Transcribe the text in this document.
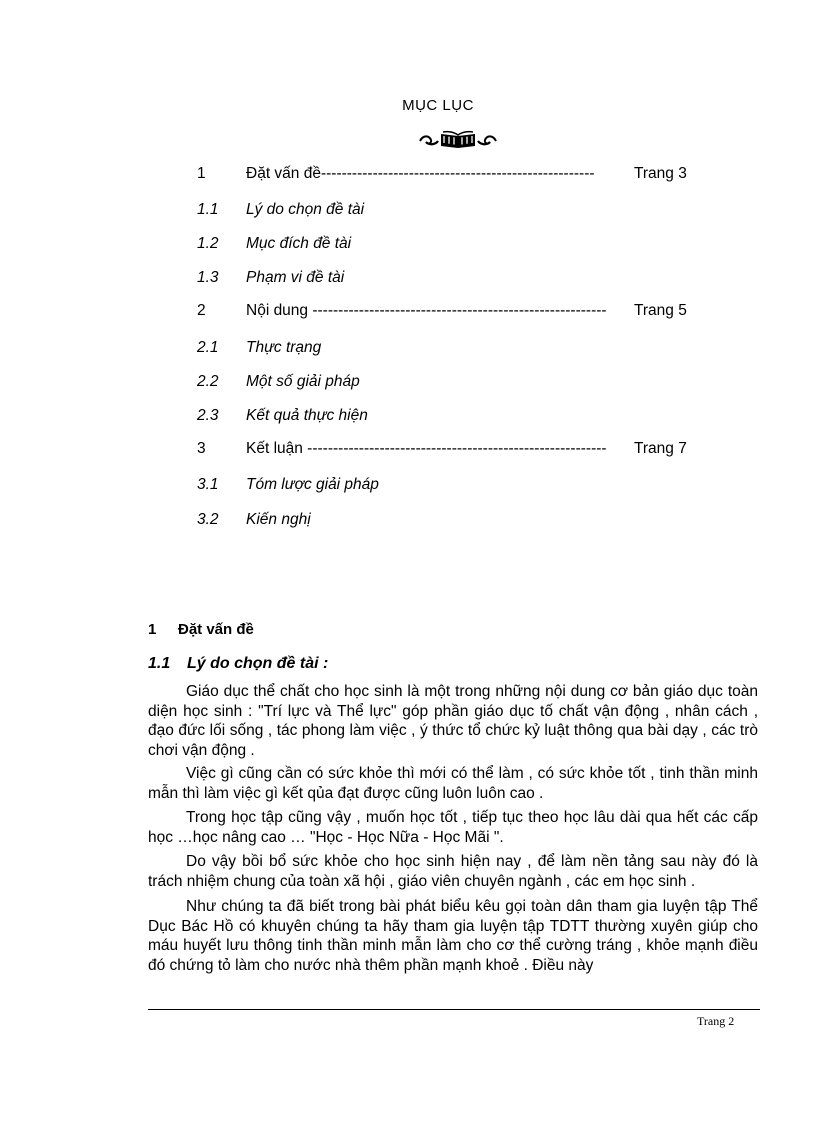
MỤC LỤC
1	Đặt vấn đề-----------------------------------------------------	Trang 3
1.1 Lý do chọn đề tài
1.2 Mục đích đề tài
1.3 Phạm vi đề tài
2	Nội dung --------------------------------------------------------- Trang 5
2.1 Thực trạng
2.2 Một số giải pháp
2.3 Kết quả thực hiện
3	Kết luận ---------------------------------------------------------- Trang 7
3.1 Tóm lược giải pháp
3.2 Kiến nghị
1 Đặt vấn đề
1.1 Lý do chọn đề tài :
Giáo dục thể chất cho học sinh là một trong những nội dung cơ bản giáo dục toàn diện học sinh : "Trí lực và Thể lực" góp phần giáo dục tố chất vận động , nhân cách , đạo đức lối sống , tác phong làm việc , ý thức tổ chức kỷ luật thông qua bài dạy , các trò chơi vận động .
Việc gì cũng cần có sức khỏe thì mới có thể làm , có sức khỏe tốt , tinh thần minh mẫn thì làm việc gì kết qủa đạt được cũng luôn luôn cao .
Trong học tập cũng vậy , muốn học tốt , tiếp tục theo học lâu dài qua hết các cấp học …học nâng cao … "Học - Học Nữa - Học Mãi ".
Do vậy bồi bổ sức khỏe cho học sinh hiện nay , để làm nền tảng sau này đó là trách nhiệm chung của toàn xã hội , giáo viên chuyên ngành , các em học sinh .
Như chúng ta đã biết trong bài phát biểu kêu gọi toàn dân tham gia luyện tập Thể Dục Bác Hồ có khuyên chúng ta hãy tham gia luyện tập TDTT thường xuyên giúp cho máu huyết lưu thông tinh thần minh mẫn làm cho cơ thể cường tráng , khỏe mạnh điều đó chứng tỏ làm cho nước nhà thêm phần mạnh khoẻ . Điều này
Trang 2
